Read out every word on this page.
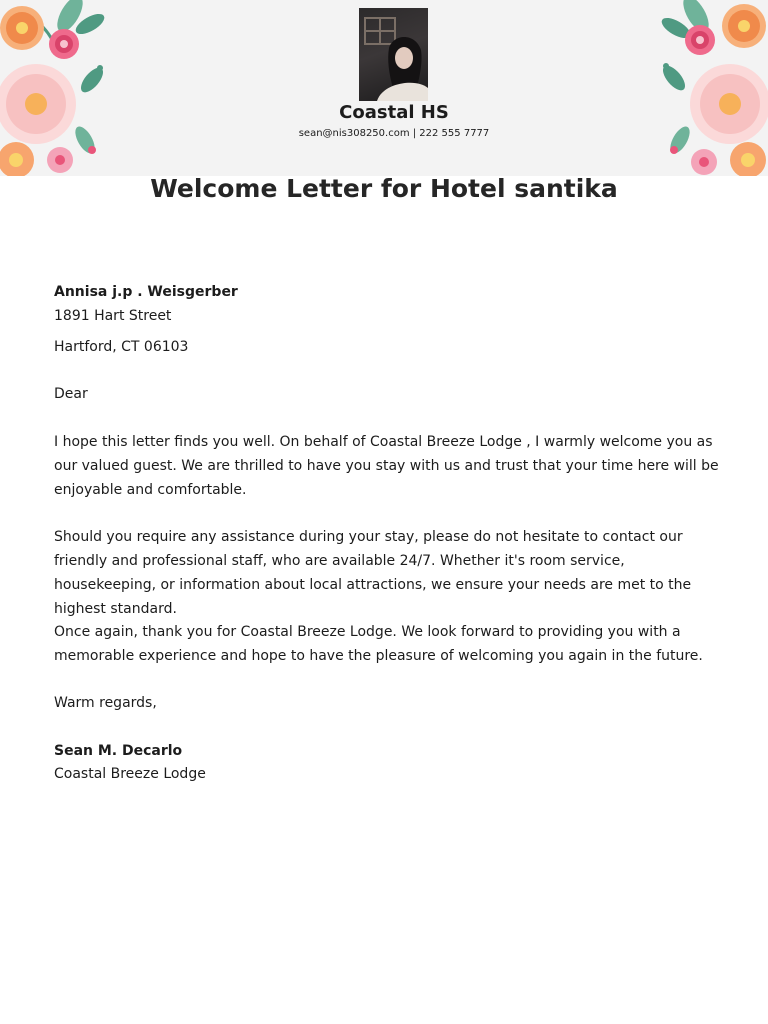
Coastal HS
sean@nis308250.com | 222 555 7777
Welcome Letter for Hotel santika
Annisa j.p . Weisgerber
1891 Hart Street
Hartford, CT 06103
Dear
I hope this letter finds you well. On behalf of Coastal Breeze Lodge , I warmly welcome you as our valued guest. We are thrilled to have you stay with us and trust that your time here will be enjoyable and comfortable.
Should you require any assistance during your stay, please do not hesitate to contact our friendly and professional staff, who are available 24/7. Whether it's room service, housekeeping, or information about local attractions, we ensure your needs are met to the highest standard.
Once again, thank you for Coastal Breeze Lodge. We look forward to providing you with a memorable experience and hope to have the pleasure of welcoming you again in the future.
Warm regards,
Sean M. Decarlo
Coastal Breeze Lodge
